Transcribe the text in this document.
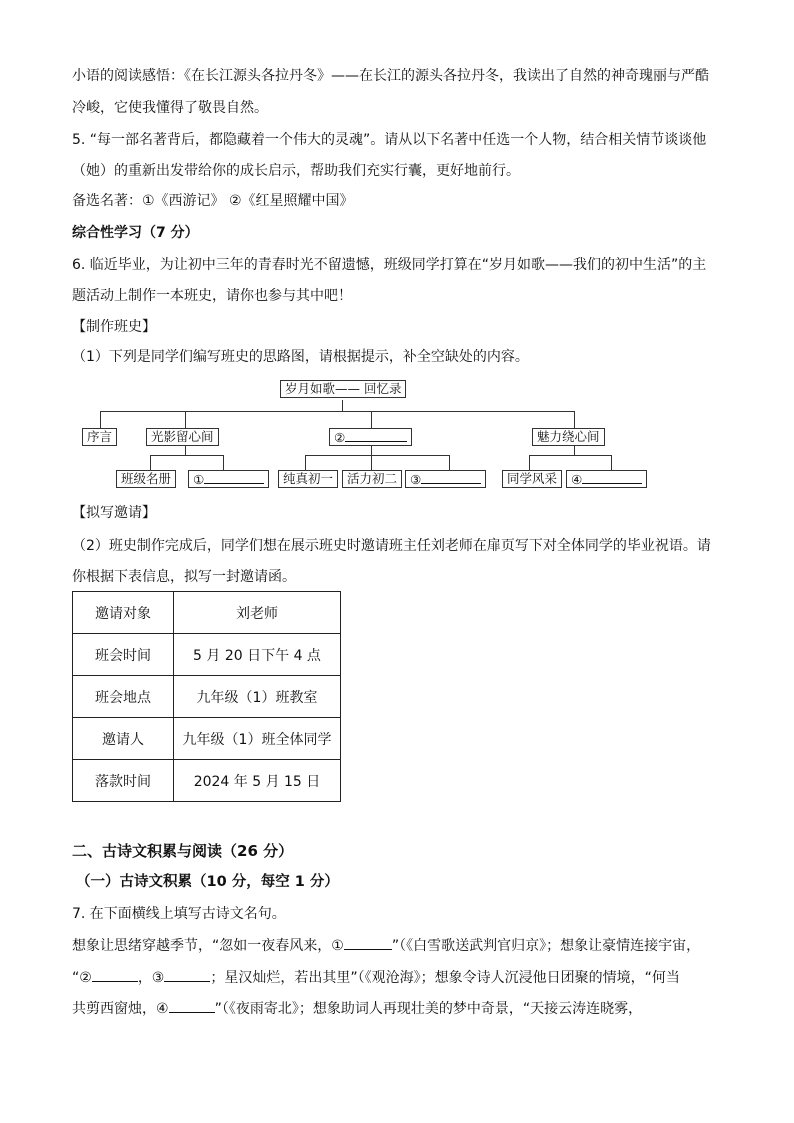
小语的阅读感悟：《在长江源头各拉丹冬》——在长江的源头各拉丹冬，我读出了自然的神奇瑰丽与严酷
冷峻，它使我懂得了敬畏自然。
5. “每一部名著背后，都隐藏着一个伟大的灵魂”。请从以下名著中任选一个人物，结合相关情节谈谈他
（她）的重新出发带给你的成长启示，帮助我们充实行囊，更好地前行。
备选名著：①《西游记》 ②《红星照耀中国》
综合性学习（7 分）
6. 临近毕业，为让初中三年的青春时光不留遗憾，班级同学打算在“岁月如歌——我们的初中生活”的主
题活动上制作一本班史，请你也参与其中吧！
【制作班史】
（1）下列是同学们编写班史的思路图，请根据提示，补全空缺处的内容。
岁月如歌—— 回忆录
序言	光影留心间	②	魅力绕心间
班级名册	①	纯真初一	活力初二	③	同学风采	④
【拟写邀请】
（2）班史制作完成后，同学们想在展示班史时邀请班主任刘老师在扉页写下对全体同学的毕业祝语。请
你根据下表信息，拟写一封邀请函。
邀请对象	刘老师
班会时间	5 月 20 日下午 4 点
班会地点	九年级（1）班教室
邀请人	九年级（1）班全体同学
落款时间	2024 年 5 月 15 日
二、古诗文积累与阅读（26 分）
（一）古诗文积累（10 分，每空 1 分）
7. 在下面横线上填写古诗文名句。
想象让思绪穿越季节，“忽如一夜春风来，①	”（《白雪歌送武判官归京》；想象让豪情连接宇宙，
“②	，③	；星汉灿烂，若出其里”（《观沧海》；想象令诗人沉浸他日团聚的情境，“何当
共剪西窗烛，④	”（《夜雨寄北》；想象助词人再现壮美的梦中奇景，“天接云涛连晓雾，
